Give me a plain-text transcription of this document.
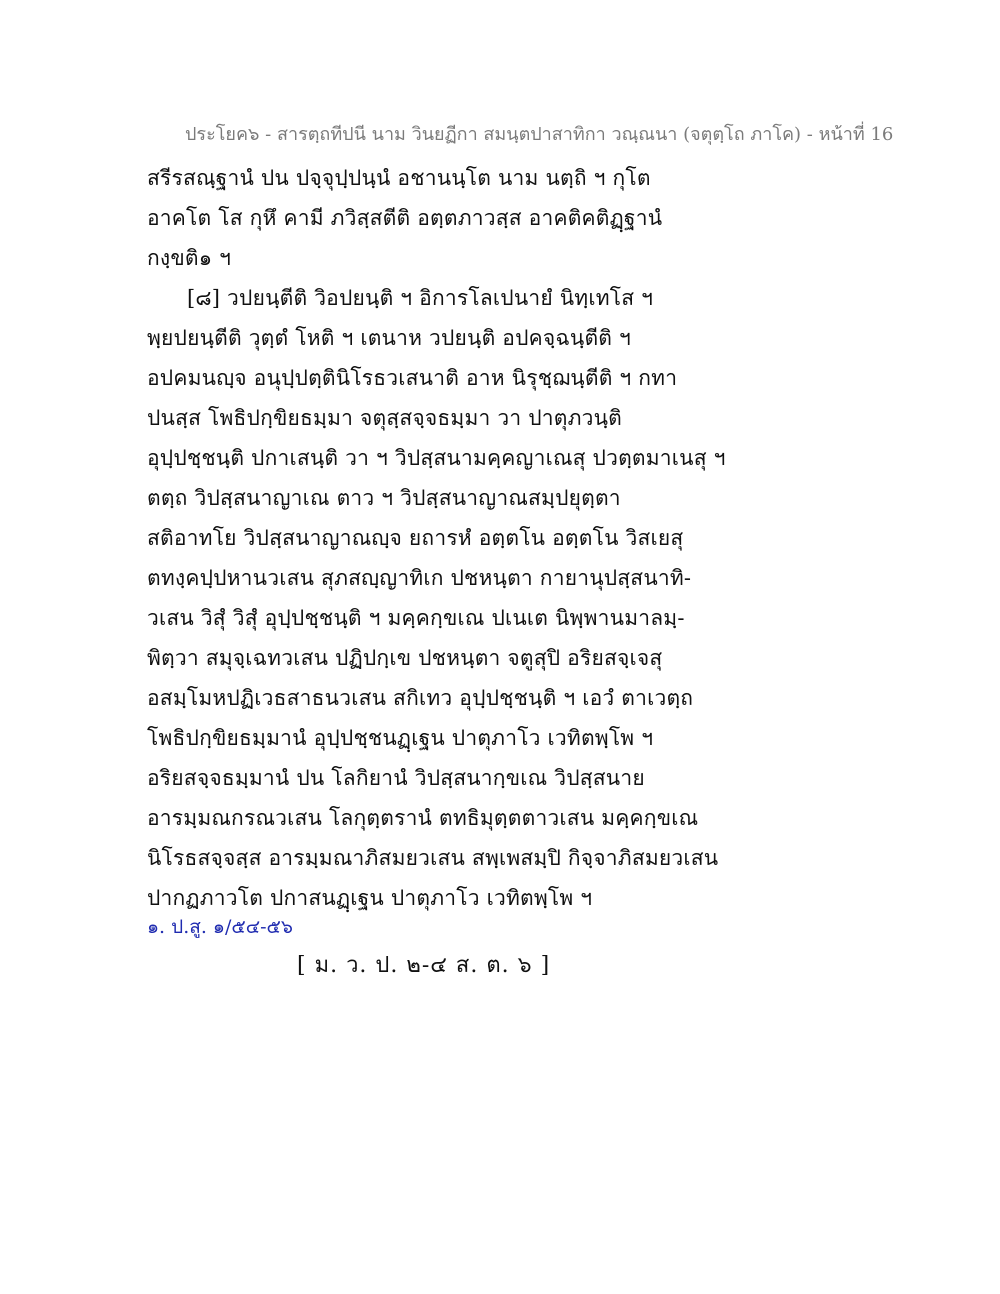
ประโยค๖ - สารตฺถทีปนี นาม วินยฏีกา สมนฺตปาสาทิกา วณฺณนา (จตุตฺโถ ภาโค) - หน้าที่ 16
สรีรสณฺฐานํ ปน ปจฺจุปฺปนฺนํ อชานนฺโต นาม นตฺถิ ฯ กุโต
อาคโต โส กุหึ คามี ภวิสฺสตีติ อตฺตภาวสฺส อาคติคติฏฺฐานํ
กงฺขติ๑ ฯ
[๘] วปยนฺตีติ วิอปยนฺติ ฯ อิการโลเปนายํ นิทฺเทโส ฯ
พฺยปยนฺตีติ วุตฺตํ โหติ ฯ เตนาห วปยนฺติ อปคจฺฉนฺตีติ ฯ
อปคมนญฺจ อนุปฺปตฺตินิโรธวเสนาติ อาห นิรุชฺฌนฺตีติ ฯ กทา
ปนสฺส โพธิปกฺขิยธมฺมา จตุสฺสจฺจธมฺมา วา ปาตุภวนฺติ
อุปฺปชฺชนฺติ ปกาเสนฺติ วา ฯ วิปสฺสนามคฺคญาเณสุ ปวตฺตมาเนสุ ฯ
ตตฺถ วิปสฺสนาญาเณ ตาว ฯ วิปสฺสนาญาณสมฺปยุตฺตา
สติอาทโย วิปสฺสนาญาณญฺจ ยถารหํ อตฺตโน อตฺตโน วิสเยสุ
ตทงฺคปฺปหานวเสน สุภสญฺญาทิเก ปชหนฺตา กายานุปสฺสนาทิ-
วเสน วิสุํ วิสุํ อุปฺปชฺชนฺติ ฯ มคฺคกฺขเณ ปเนเต นิพฺพานมาลมฺ-
พิตฺวา สมุจฺเฉทวเสน ปฏิปกฺเข ปชหนฺตา จตูสุปิ อริยสจฺเจสุ
อสมฺโมหปฏิเวธสาธนวเสน สกิเทว อุปฺปชฺชนฺติ ฯ เอวํ ตาเวตฺถ
โพธิปกฺขิยธมฺมานํ อุปฺปชฺชนฏฺเฐน ปาตุภาโว เวทิตพฺโพ ฯ
อริยสจฺจธมฺมานํ ปน โลกิยานํ วิปสฺสนากฺขเณ วิปสฺสนาย
อารมฺมณกรณวเสน โลกุตฺตรานํ ตทธิมุตฺตตาวเสน มคฺคกฺขเณ
นิโรธสจฺจสฺส อารมฺมณาภิสมยวเสน สพฺเพสมฺปิ กิจฺจาภิสมยวเสน
ปากฏภาวโต ปกาสนฏฺเฐน ปาตุภาโว เวทิตพฺโพ ฯ
๑. ป.สู. ๑/๕๔-๕๖
[ ม. ว. ป. ๒-๔ ส. ต. ๖ ]
